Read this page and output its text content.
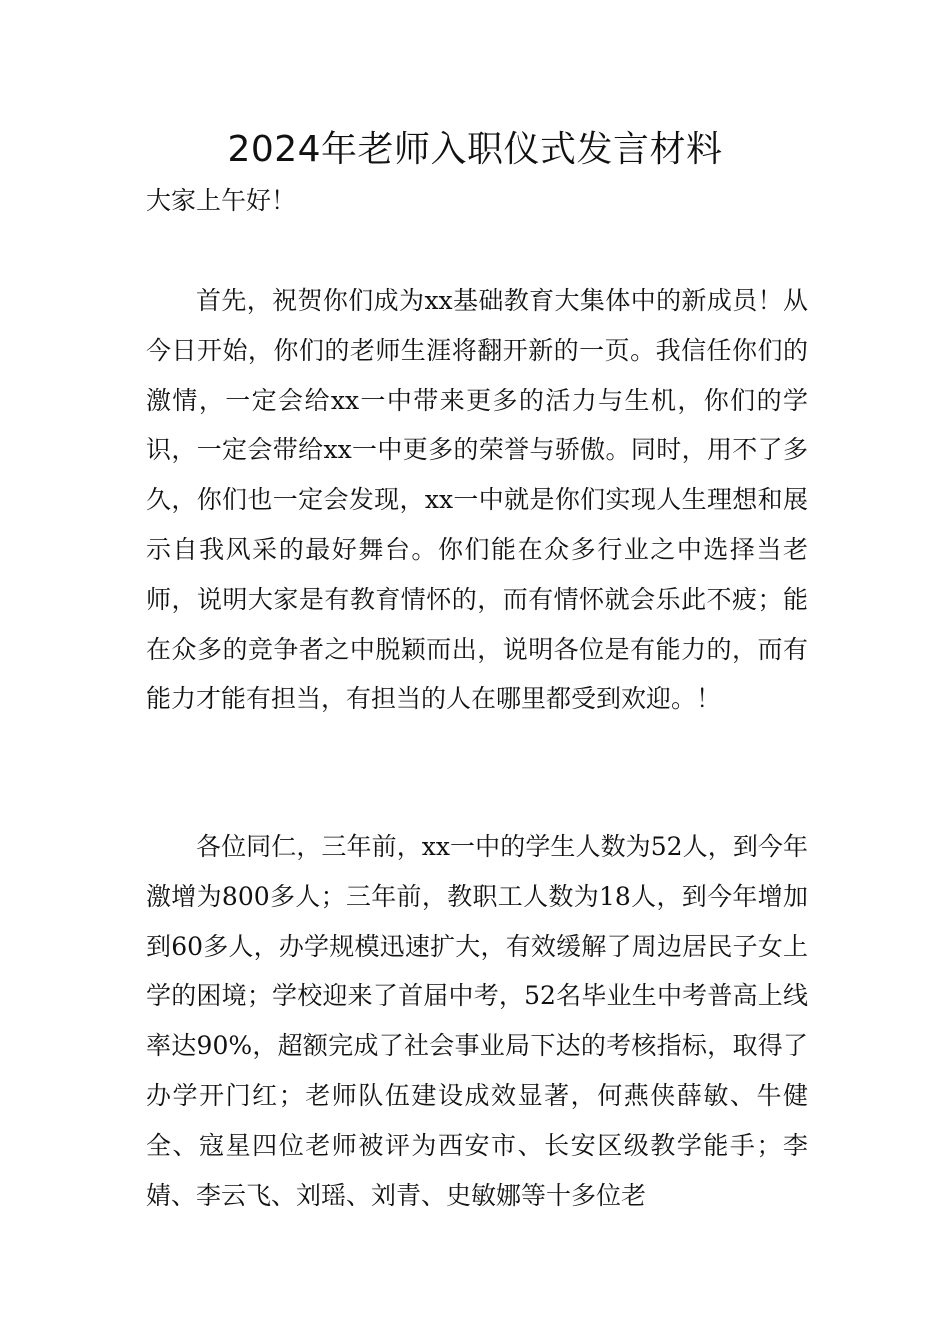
2024年老师入职仪式发言材料

大家上午好！

首先，祝贺你们成为xx基础教育大集体中的新成员！从今日开始，你们的老师生涯将翻开新的一页。我信任你们的激情，一定会给xx一中带来更多的活力与生机，你们的学识，一定会带给xx一中更多的荣誉与骄傲。同时，用不了多久，你们也一定会发现，xx一中就是你们实现人生理想和展示自我风采的最好舞台。你们能在众多行业之中选择当老师，说明大家是有教育情怀的，而有情怀就会乐此不疲；能在众多的竞争者之中脱颖而出，说明各位是有能力的，而有能力才能有担当，有担当的人在哪里都受到欢迎。！

各位同仁，三年前，xx一中的学生人数为52人，到今年激增为800多人；三年前，教职工人数为18人，到今年增加到60多人，办学规模迅速扩大，有效缓解了周边居民子女上学的困境；学校迎来了首届中考，52名毕业生中考普高上线率达90%，超额完成了社会事业局下达的考核指标，取得了办学开门红；老师队伍建设成效显著，何燕侠薛敏、牛健全、寇星四位老师被评为西安市、长安区级教学能手；李婧、李云飞、刘瑶、刘青、史敏娜等十多位老
